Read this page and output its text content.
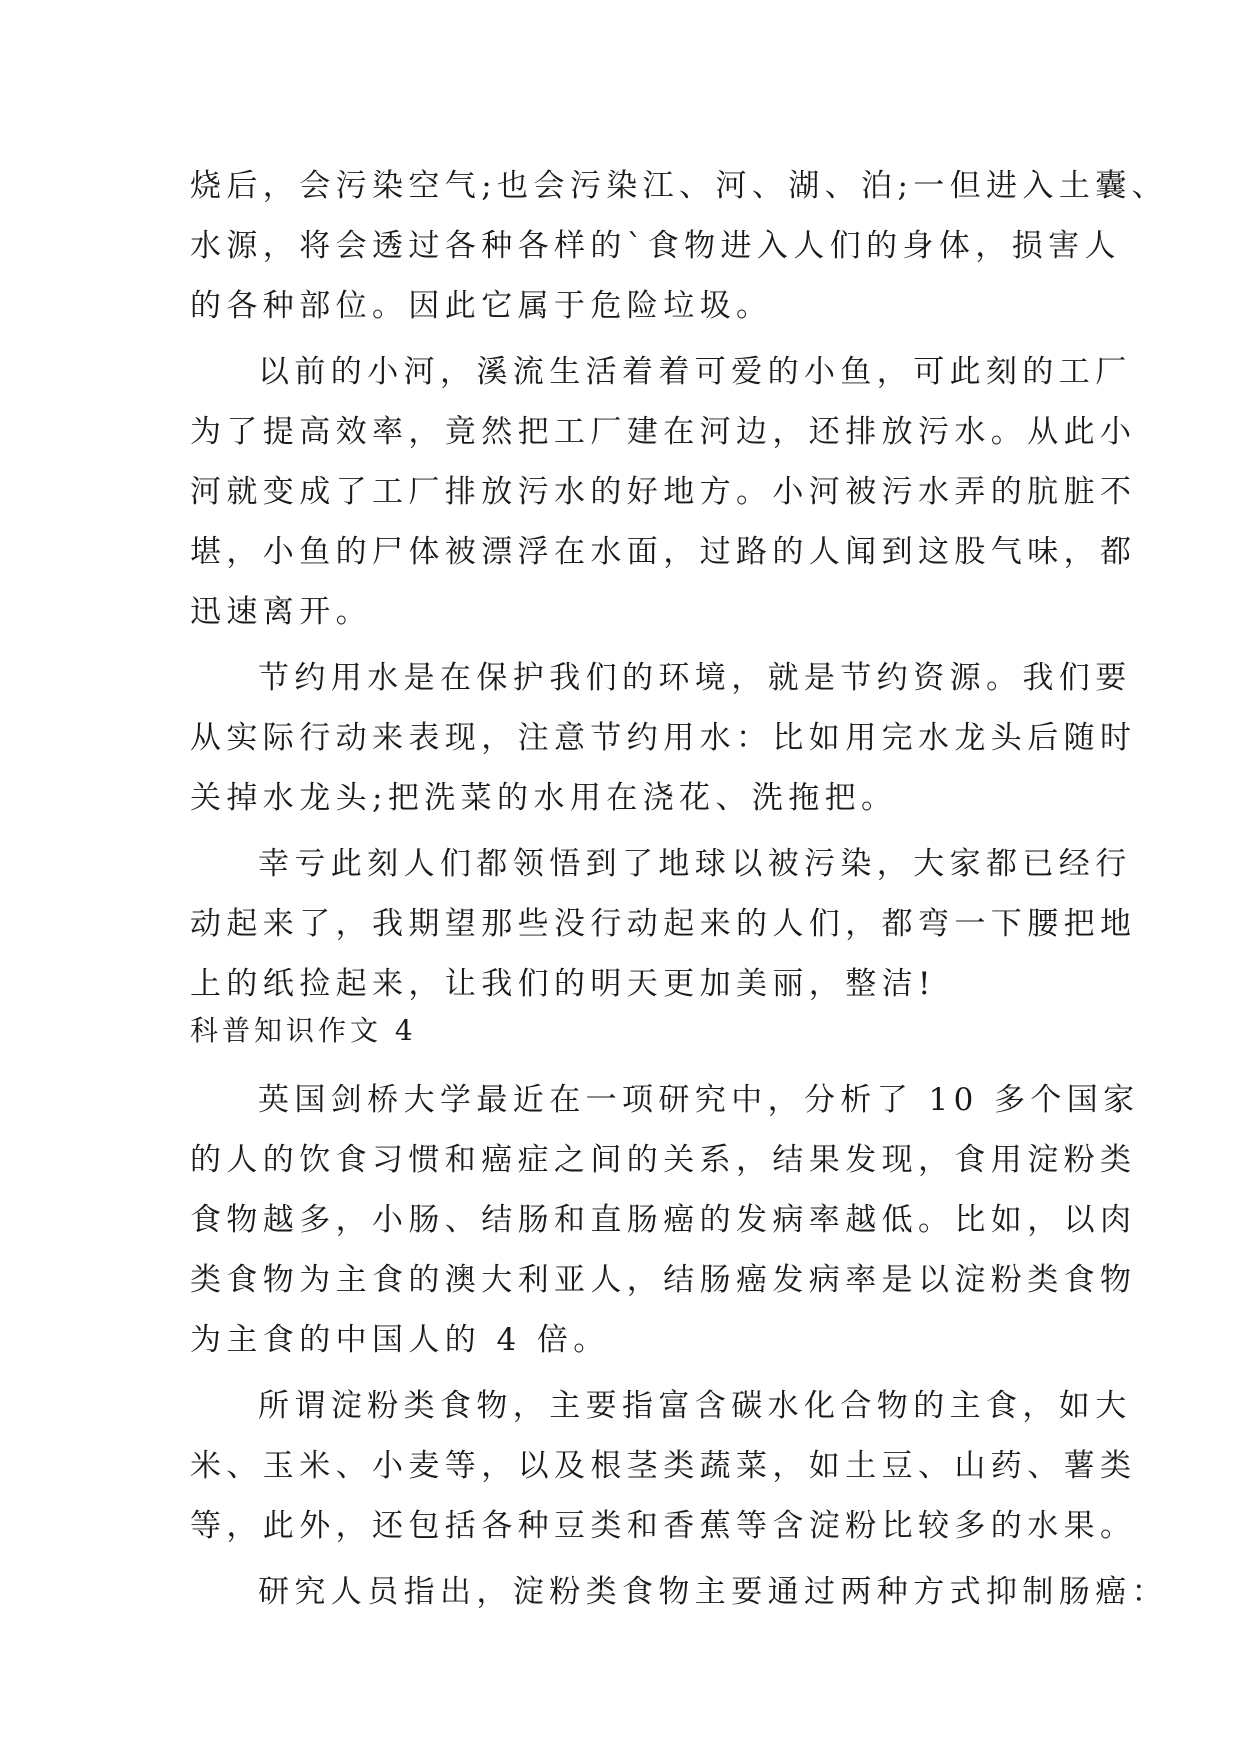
烧后，会污染空气;也会污染江、河、湖、泊;一但进入土囊、
水源，将会透过各种各样的`食物进入人们的身体，损害人
的各种部位。因此它属于危险垃圾。
以前的小河，溪流生活着着可爱的小鱼，可此刻的工厂
为了提高效率，竟然把工厂建在河边，还排放污水。从此小
河就变成了工厂排放污水的好地方。小河被污水弄的肮脏不
堪，小鱼的尸体被漂浮在水面，过路的人闻到这股气味，都
迅速离开。
节约用水是在保护我们的环境，就是节约资源。我们要
从实际行动来表现，注意节约用水：比如用完水龙头后随时
关掉水龙头;把洗菜的水用在浇花、洗拖把。
幸亏此刻人们都领悟到了地球以被污染，大家都已经行
动起来了，我期望那些没行动起来的人们，都弯一下腰把地
上的纸捡起来，让我们的明天更加美丽，整洁!
科普知识作文 4
英国剑桥大学最近在一项研究中，分析了 10 多个国家
的人的饮食习惯和癌症之间的关系，结果发现，食用淀粉类
食物越多，小肠、结肠和直肠癌的发病率越低。比如，以肉
类食物为主食的澳大利亚人，结肠癌发病率是以淀粉类食物
为主食的中国人的 4 倍。
所谓淀粉类食物，主要指富含碳水化合物的主食，如大
米、玉米、小麦等，以及根茎类蔬菜，如土豆、山药、薯类
等，此外，还包括各种豆类和香蕉等含淀粉比较多的水果。
研究人员指出，淀粉类食物主要通过两种方式抑制肠癌：
